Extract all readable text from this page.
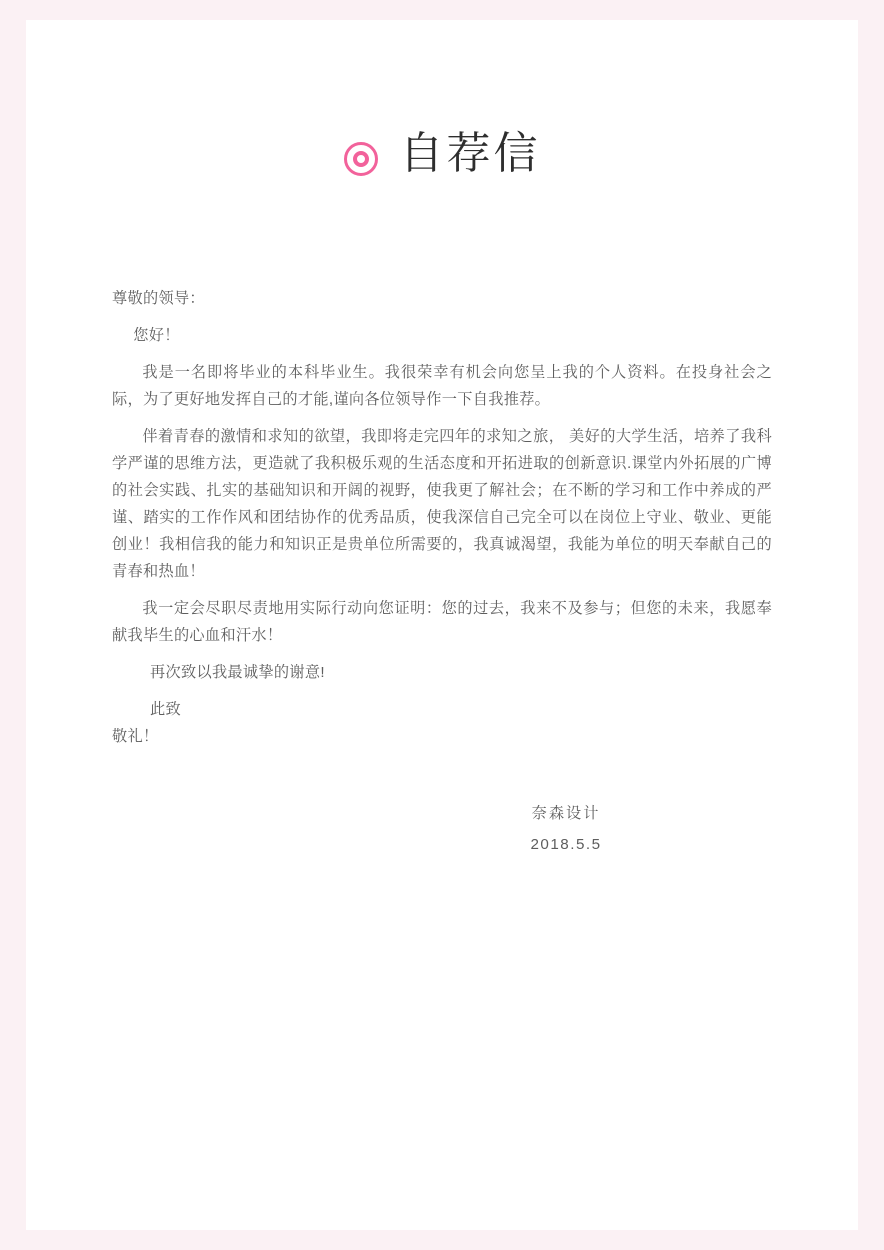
自荐信

尊敬的领导：

您好！

我是一名即将毕业的本科毕业生。我很荣幸有机会向您呈上我的个人资料。在投身社会之际，为了更好地发挥自己的才能,谨向各位领导作一下自我推荐。

伴着青春的激情和求知的欲望，我即将走完四年的求知之旅， 美好的大学生活，培养了我科学严谨的思维方法，更造就了我积极乐观的生活态度和开拓进取的创新意识.课堂内外拓展的广博的社会实践、扎实的基础知识和开阔的视野，使我更了解社会；在不断的学习和工作中养成的严谨、踏实的工作作风和团结协作的优秀品质，使我深信自己完全可以在岗位上守业、敬业、更能创业！我相信我的能力和知识正是贵单位所需要的，我真诚渴望，我能为单位的明天奉献自己的青春和热血！

我一定会尽职尽责地用实际行动向您证明：您的过去，我来不及参与；但您的未来，我愿奉献我毕生的心血和汗水！

再次致以我最诚挚的谢意!

此致

敬礼！

奈森设计
2018.5.5
